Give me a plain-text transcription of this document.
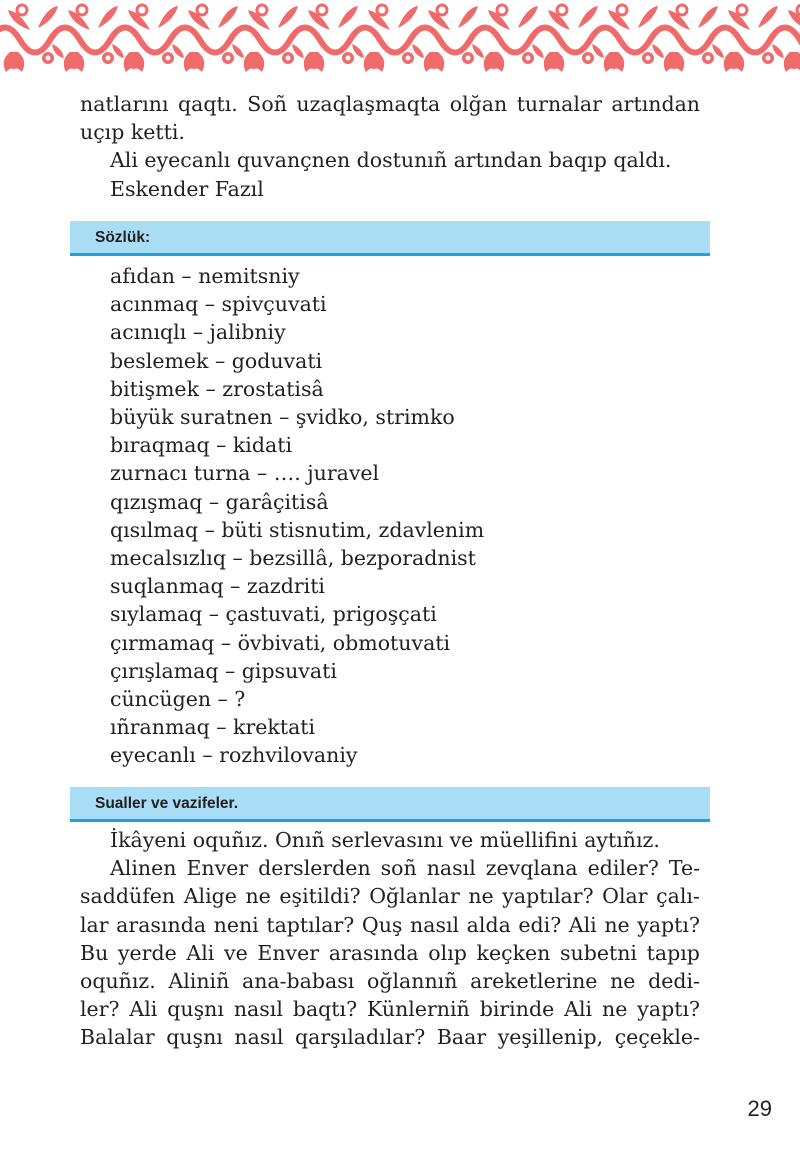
natlarını qaqtı. Soñ uzaqlaşmaqta olğan turnalar artından

uçıp ketti.

Ali eyecanlı quvançnen dostunıñ artından baqıp qaldı.

Eskender Fazıl

Sözlük:
afıdan – nemitsniy
acınmaq – spivçuvati
acınıqlı – jalibniy
beslemek – goduvati
bitişmek – zrostatisâ
büyük suratnen – şvidko, strimko
bıraqmaq – kidati
zurnacı turna – …. juravel
qızışmaq – garâçitisâ
qısılmaq – büti stisnutim, zdavlenim
mecalsızlıq – bezsillâ, bezporadnist
suqlanmaq – zazdriti
sıylamaq – çastuvati, prigoşçati
çırmamaq – övbivati, obmotuvati
çırışlamaq – gipsuvati
cüncügen – ?
ıñranmaq – krektati
eyecanlı – rozhvilovaniy
Sualler ve vazifeler.

İkâyeni oquñız. Onıñ serlevasını ve müellifini aytıñız.

Alinen Enver derslerden soñ nasıl zevqlana ediler? Te-

saddüfen Alige ne eşitildi? Oğlanlar ne yaptılar? Olar çalı-

lar arasında neni taptılar? Quş nasıl alda edi? Ali ne yaptı?

Bu yerde Ali ve Enver arasında olıp keçken subetni tapıp

oquñız. Aliniñ ana-babası oğlannıñ areketlerine ne dedi-

ler? Ali quşnı nasıl baqtı? Künlerniñ birinde Ali ne yaptı?

Balalar quşnı nasıl qarşıladılar? Baar yeşillenip, çeçekle-

29
